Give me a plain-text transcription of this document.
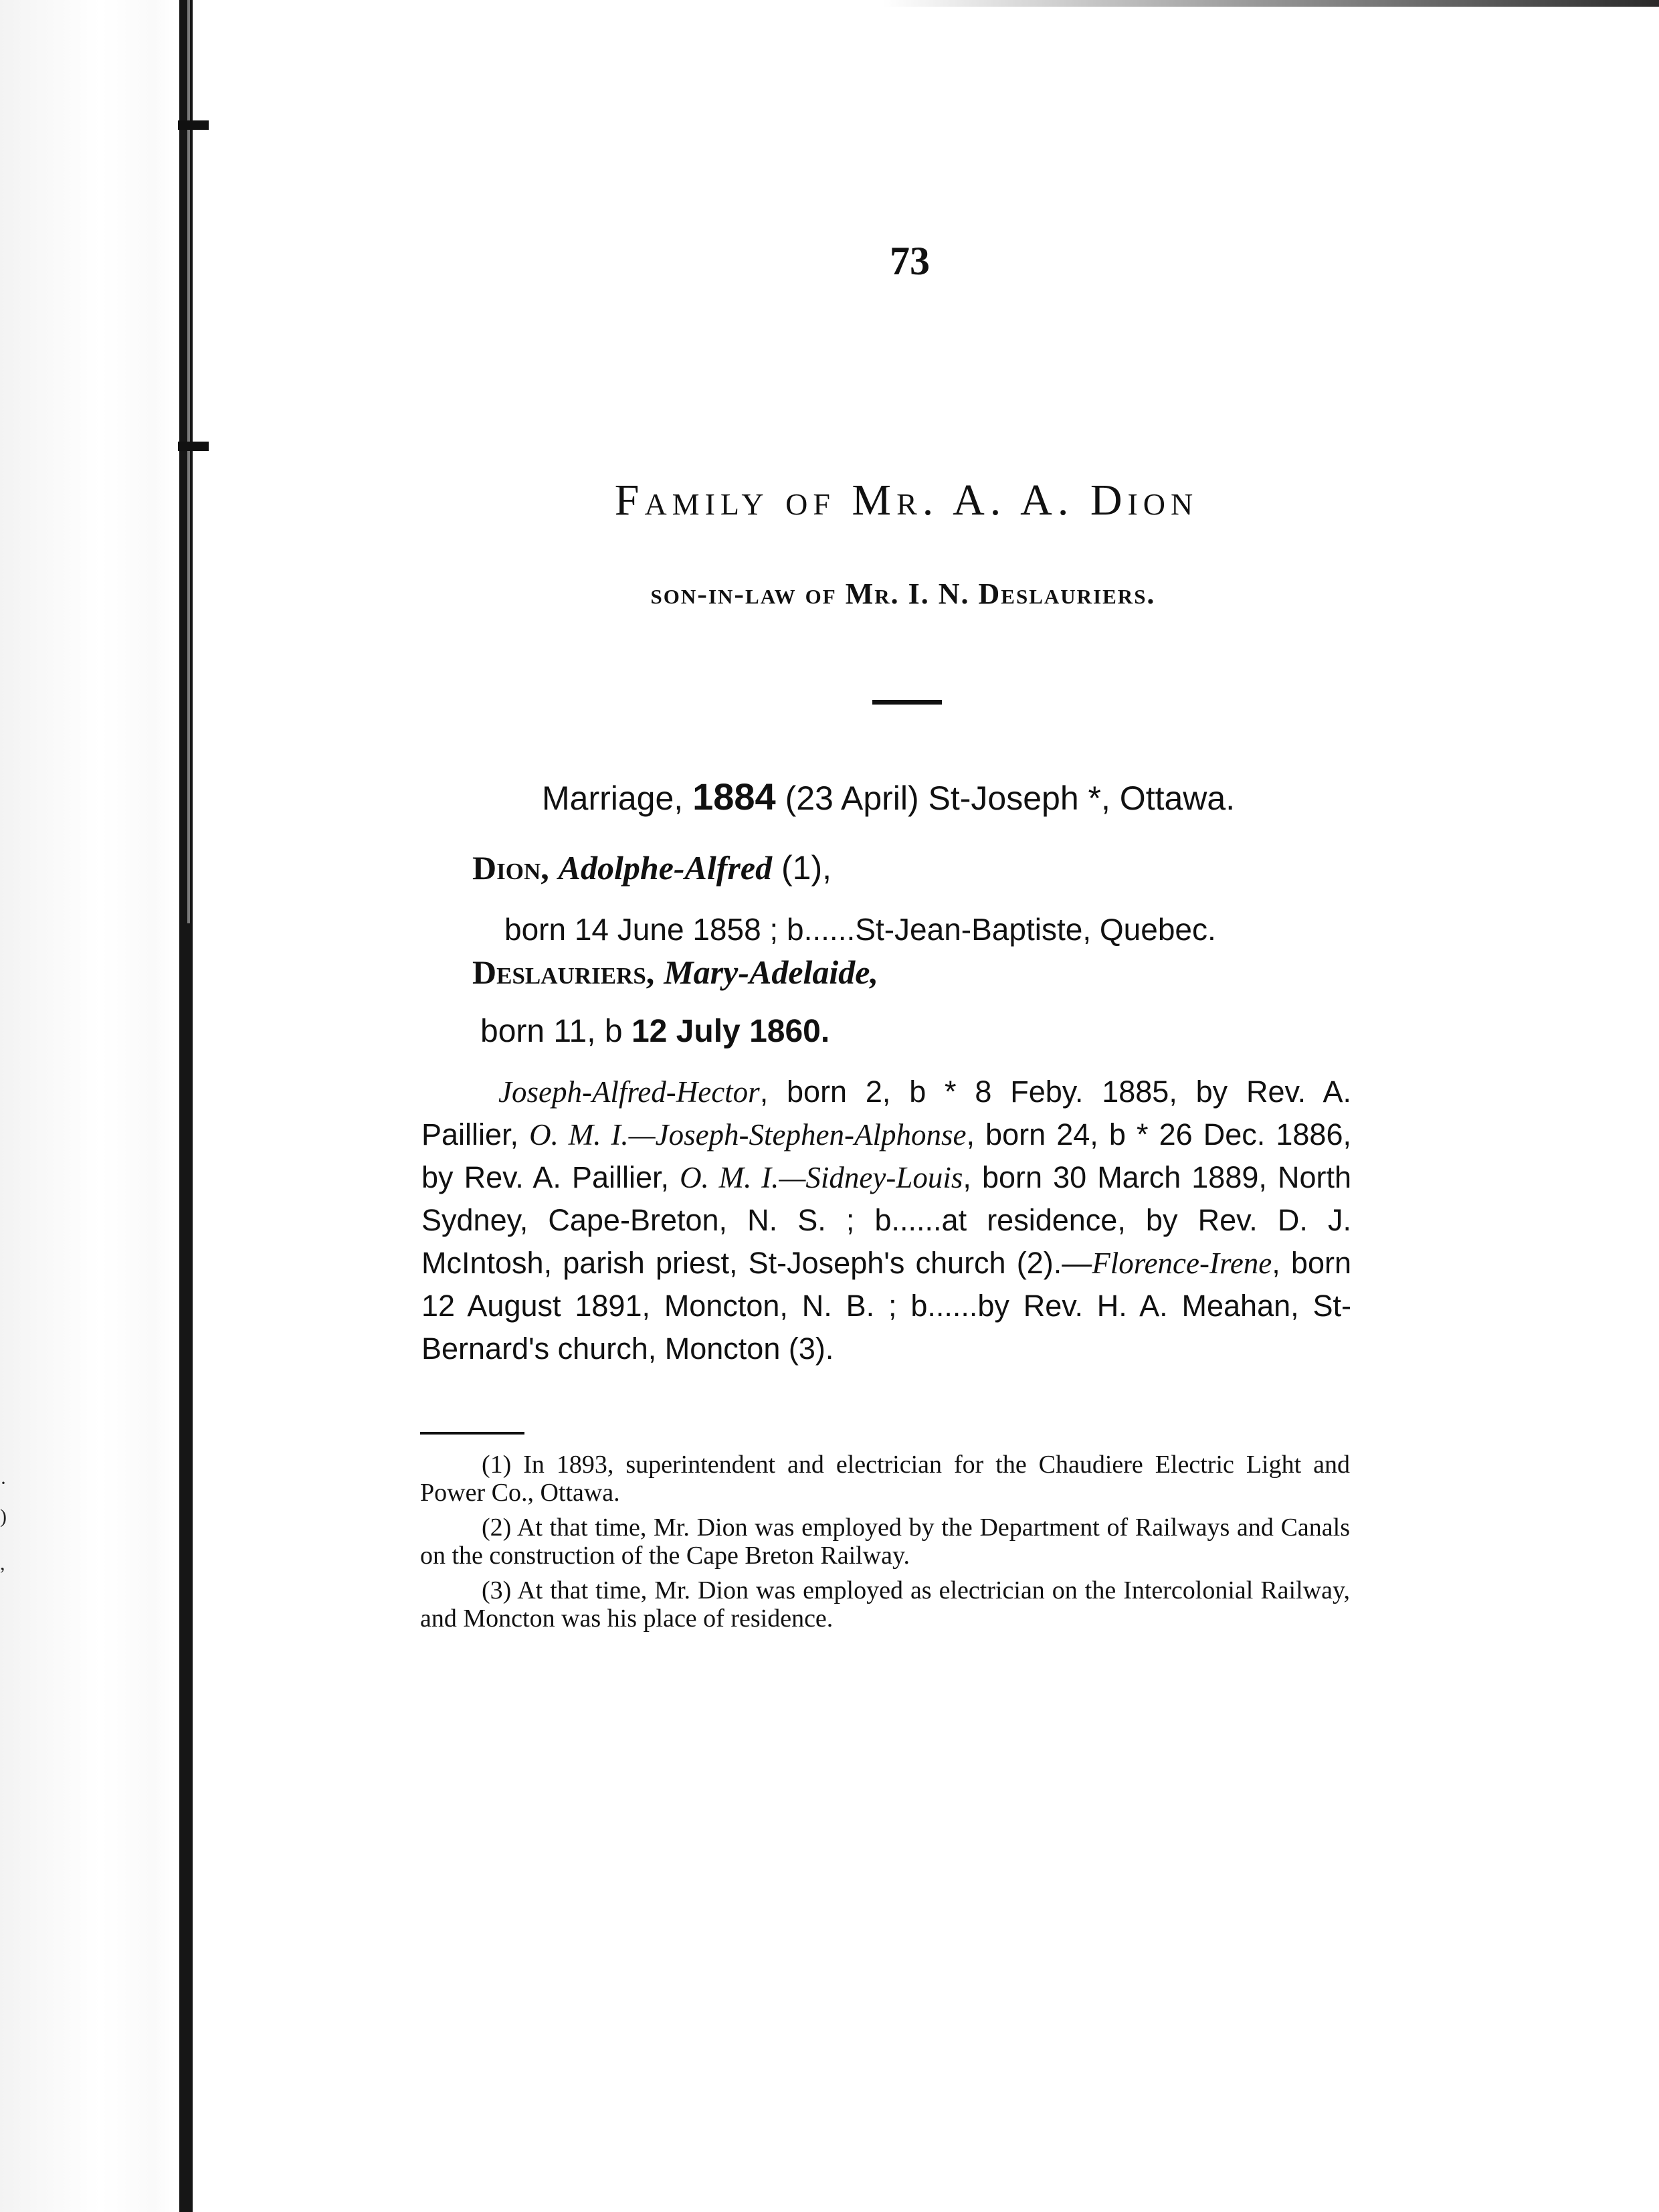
·
)
,
73
Family of Mr. A. A. Dion
son-in-law of Mr. I. N. Deslauriers.
Marriage, 1884 (23 April) St-Joseph *, Ottawa.
Dion, Adolphe-Alfred (1),
born 14 June 1858 ; b......St-Jean-Baptiste, Quebec.
Deslauriers, Mary-Adelaide,
born 11, b 12 July 1860.
Joseph-Alfred-Hector, born 2, b * 8 Feby. 1885, by Rev. A. Paillier, O. M. I.—Joseph-Stephen-Alphonse, born 24, b * 26 Dec. 1886, by Rev. A. Paillier, O. M. I.—Sidney-Louis, born 30 March 1889, North Sydney, Cape-Breton, N. S. ; b......at residence, by Rev. D. J. McIntosh, parish priest, St-Joseph's church (2).—Florence-Irene, born 12 August 1891, Moncton, N. B. ; b......by Rev. H. A. Meahan, St-Bernard's church, Moncton (3).

(1) In 1893, superintendent and electrician for the Chaudiere Electric Light and Power Co., Ottawa.

(2) At that time, Mr. Dion was employed by the Department of Railways and Canals on the construction of the Cape Breton Railway.

(3) At that time, Mr. Dion was employed as electrician on the Intercolonial Railway, and Moncton was his place of residence.
